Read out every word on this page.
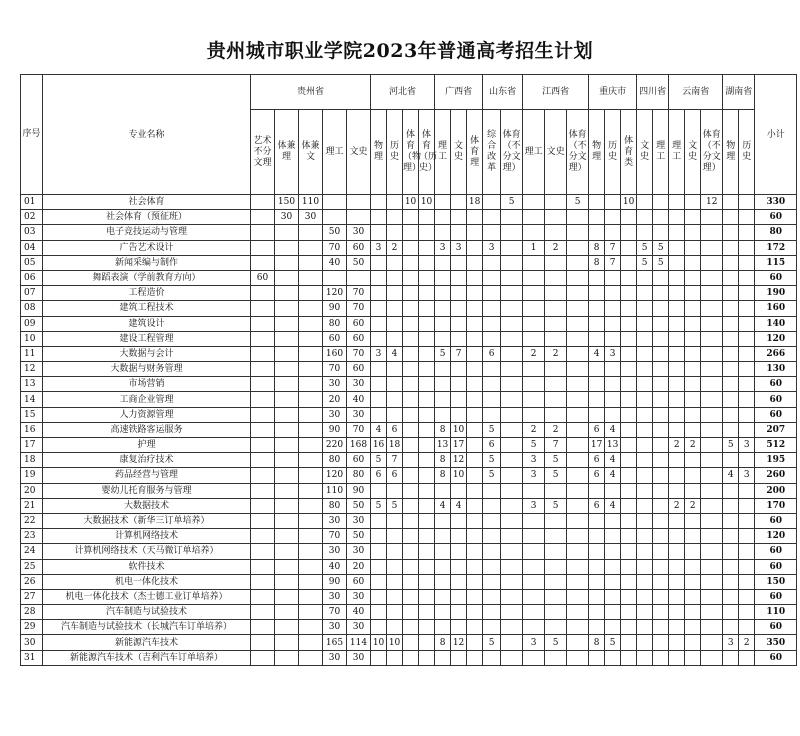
贵州城市职业学院2023年普通高考招生计划
序号	专业名称	贵州省					河北省				广西省			山东省		江西省			重庆市			四川省		云南省			湖南省		小计
		艺术不分文理	体兼理	体兼文	理工	文史	物理	历史	体育（物理）	体育（历史）	理工	文史	体育理	综合改革	体育（不分文理）	理工	文史	体育（不分文理）	物理	历史	体育类	文史	理工	理工	文史	体育（不分文理）	物理	历史	
01	社会体育		150	110					10	10			18		5			5			10					12			330
02	社会体育（预征班）		30	30																									60
03	电子竞技运动与管理				50	30																							80
04	广告艺术设计				70	60	3	2			3	3		3		1	2		8	7		5	5						172
05	新闻采编与制作				40	50													8	7		5	5						115
06	舞蹈表演（学前教育方向）	60																											60
07	工程造价				120	70																							190
08	建筑工程技术				90	70																							160
09	建筑设计				80	60																							140
10	建设工程管理				60	60																							120
11	大数据与会计				160	70	3	4			5	7		6		2	2		4	3									266
12	大数据与财务管理				70	60																							130
13	市场营销				30	30																							60
14	工商企业管理				20	40																							60
15	人力资源管理				30	30																							60
16	高速铁路客运服务				90	70	4	6			8	10		5		2	2		6	4									207
17	护理				220	168	16	18			13	17		6		5	7		17	13				2	2		5	3	512
18	康复治疗技术				80	60	5	7			8	12		5		3	5		6	4									195
19	药品经营与管理				120	80	6	6			8	10		5		3	5		6	4							4	3	260
20	婴幼儿托育服务与管理				110	90																							200
21	大数据技术				80	50	5	5			4	4				3	5		6	4				2	2				170
22	大数据技术（新华三订单培养）				30	30																							60
23	计算机网络技术				70	50																							120
24	计算机网络技术（天马微订单培养）				30	30																							60
25	软件技术				40	20																							60
26	机电一体化技术				90	60																							150
27	机电一体化技术（杰士德工业订单培养）				30	30																							60
28	汽车制造与试验技术				70	40																							110
29	汽车制造与试验技术（长城汽车订单培养）				30	30																							60
30	新能源汽车技术				165	114	10	10			8	12		5		3	5		8	5							3	2	350
31	新能源汽车技术（吉利汽车订单培养）				30	30																							60
